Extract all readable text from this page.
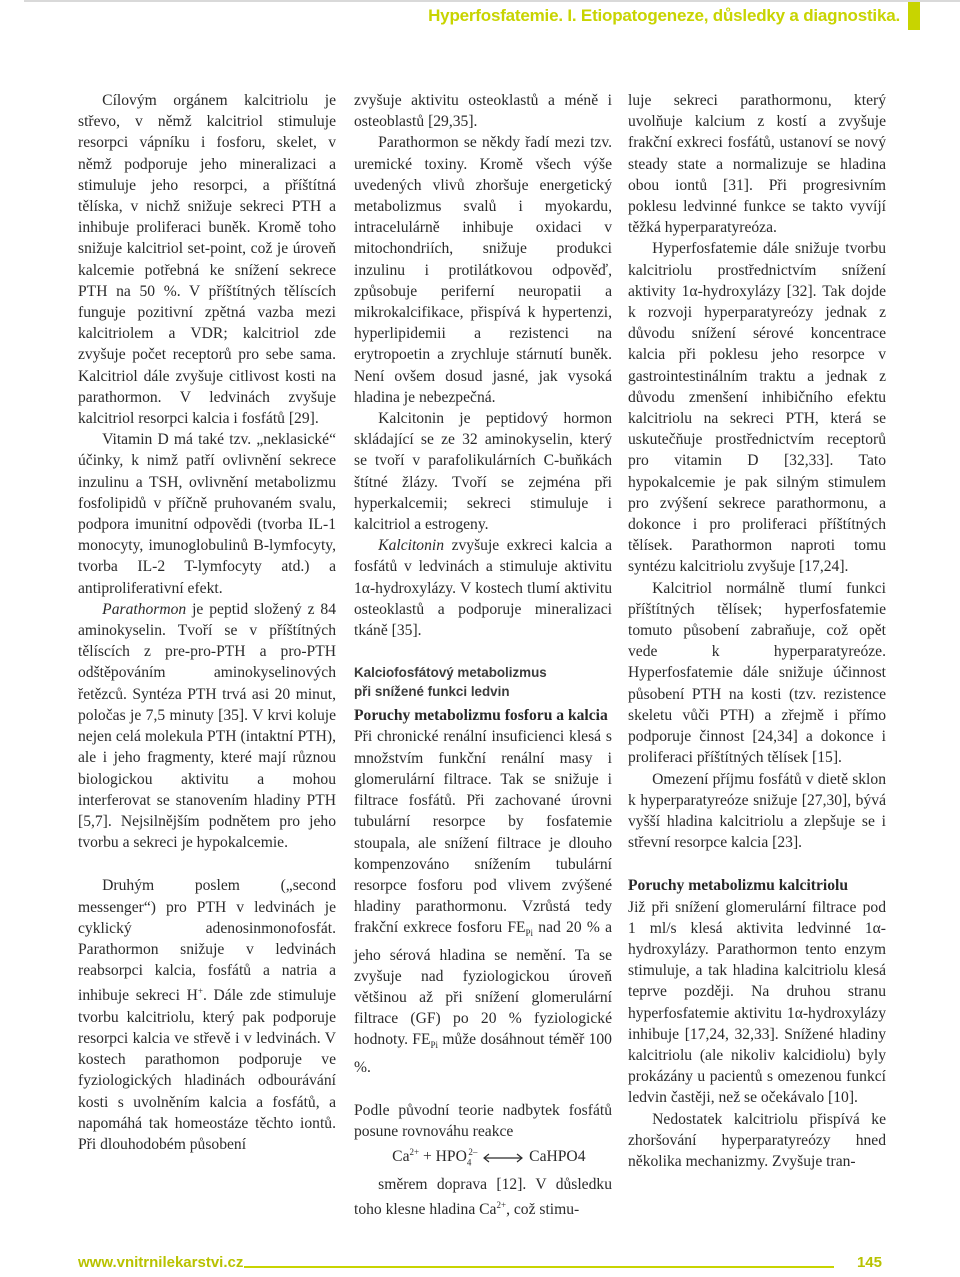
Hyperfosfatemie. I. Etiopatogeneze, důsledky a diagnostika.

Cílovým orgánem kalcitriolu je střevo, v němž kalcitriol stimuluje resorpci vápníku i fosforu, skelet, v němž podporuje jeho mineralizaci a stimuluje jeho resorpci, a příštítná tělíska, v nichž snižuje sekreci PTH a inhibuje proliferaci buněk. Kromě toho snižuje kalcitriol set-point, což je úroveň kalcemie potřebná ke snížení sekrece PTH na 50 %. V příštítných tělíscích funguje pozitivní zpětná vazba mezi kalcitriolem a VDR; kalcitriol zde zvyšuje počet receptorů pro sebe sama. Kalcitriol dále zvyšuje citlivost kosti na parathormon. V ledvinách zvyšuje kalcitriol resorpci kalcia i fosfátů [29].

Vitamin D má také tzv. „neklasické“ účinky, k nimž patří ovlivnění sekrece inzulinu a TSH, ovlivnění metabolizmu fosfolipidů v příčně pruhovaném svalu, podpora imunitní odpovědi (tvorba IL-1 monocyty, imunoglobulinů B-lymfocyty, tvorba IL-2 T-lymfocyty atd.) a antiproliferativní efekt.

Parathormon je peptid složený z 84 aminokyselin. Tvoří se v příštítných tělíscích z pre-pro-PTH a pro-PTH odštěpováním aminokyselinových řetězců. Syntéza PTH trvá asi 20 minut, poločas je 7,5 minuty [35]. V krvi koluje nejen celá molekula PTH (intaktní PTH), ale i jeho fragmenty, které mají různou biologickou aktivitu a mohou interferovat se stanovením hladiny PTH [5,7]. Nejsilnějším podnětem pro jeho tvorbu a sekreci je hypokalcemie.

Druhým poslem („second messenger“) pro PTH v ledvinách je cyklický adenosinmonofosfát. Parathormon snižuje v ledvinách reabsorpci kalcia, fosfátů a natria a inhibuje sekreci H+. Dále zde stimuluje tvorbu kalcitriolu, který pak podporuje resorpci kalcia ve střevě i v ledvinách. V kostech parathomon podporuje ve fyziologických hladinách odbourávání kosti s uvolněním kalcia a fosfátů, a napomáhá tak homeostáze těchto iontů. Při dlouhodobém působení

zvyšuje aktivitu osteoklastů a méně i osteoblastů [29,35].

Parathormon se někdy řadí mezi tzv. uremické toxiny. Kromě všech výše uvedených vlivů zhoršuje energetický metabolizmus svalů i myokardu, intracelulárně inhibuje oxidaci v mitochondriích, snižuje produkci inzulinu i protilátkovou odpověď, způsobuje periferní neuropatii a mikrokalcifikace, přispívá k hypertenzi, hyperlipidemii a rezistenci na erytropoetin a zrychluje stárnutí buněk. Není ovšem dosud jasné, jak vysoká hladina je nebezpečná.

Kalcitonin je peptidový hormon skládající se ze 32 aminokyselin, který se tvoří v parafolikulárních C-buňkách štítné žlázy. Tvoří se zejména při hyperkalcemii; sekreci stimuluje i kalcitriol a estrogeny.

Kalcitonin zvyšuje exkreci kalcia a fosfátů v ledvinách a stimuluje aktivitu 1α-hydroxylázy. V kostech tlumí aktivitu osteoklastů a podporuje mineralizaci tkáně [35].

Kalciofosfátový metabolizmus
při snížené funkci ledvin
Poruchy metabolizmu fosforu a kalcia

Při chronické renální insuficienci klesá s množstvím funkční renální masy i glomerulární filtrace. Tak se snižuje i filtrace fosfátů. Při zachované úrovni tubulární resorpce by fosfatemie stoupala, ale snížení filtrace je dlouho kompenzováno snížením tubulární resorpce fosforu pod vlivem zvýšené hladiny parathormonu. Vzrůstá tedy frakční exkrece fosforu $FE_{Pi}$ nad 20 % a jeho sérová hladina se nemění. Ta se zvyšuje nad fyziologickou úroveň většinou až při snížení glomerulární filtrace (GF) po 20 % fyziologické hodnoty. $FE_{Pi}$ může dosáhnout téměř 100 %.

Podle původní teorie nadbytek fosfátů posune rovnováhu reakce

$Ca^{2+} + HPO_4^{2-}$	CaHPO4

směrem doprava [12]. V důsledku toho klesne hladina $Ca^{2+}$, což stimu-

luje sekreci parathormonu, který uvolňuje kalcium z kostí a zvyšuje frakční exkreci fosfátů, ustanoví se nový steady state a normalizuje se hladina obou iontů [31]. Při progresivním poklesu ledvinné funkce se takto vyvíjí těžká hyperparatyreóza.

Hyperfosfatemie dále snižuje tvorbu kalcitriolu prostřednictvím snížení aktivity 1α-hydroxylázy [32]. Tak dojde k rozvoji hyperparatyreózy jednak z důvodu snížení sérové koncentrace kalcia při poklesu jeho resorpce v gastrointestinálním traktu a jednak z důvodu zmenšení inhibičního efektu kalcitriolu na sekreci PTH, která se uskutečňuje prostřednictvím receptorů pro vitamin D [32,33]. Tato hypokalcemie je pak silným stimulem pro zvýšení sekrece parathormonu, a dokonce i pro proliferaci příštítných tělísek. Parathormon naproti tomu syntézu kalcitriolu zvyšuje [17,24].

Kalcitriol normálně tlumí funkci příštítných tělísek; hyperfosfatemie tomuto působení zabraňuje, což opět vede k hyperparatyreóze. Hyperfosfatemie dále snižuje účinnost působení PTH na kosti (tzv. rezistence skeletu vůči PTH) a zřejmě i přímo podporuje činnost [24,34] a dokonce i proliferaci příštítných tělísek [15].

Omezení příjmu fosfátů v dietě sklon k hyperparatyreóze snižuje [27,30], bývá vyšší hladina kalcitriolu a zlepšuje se i střevní resorpce kalcia [23].

Poruchy metabolizmu kalcitriolu

Již při snížení glomerulární filtrace pod 1 ml/s klesá aktivita ledvinné 1α-hydroxylázy. Parathormon tento enzym stimuluje, a tak hladina kalcitriolu klesá teprve později. Na druhou stranu hyperfosfatemie aktivitu 1α-hydroxylázy inhibuje [17,24, 32,33]. Snížené hladiny kalcitriolu (ale nikoliv kalcidiolu) byly prokázány u pacientů s omezenou funkcí ledvin častěji, než se očekávalo [10].

Nedostatek kalcitriolu přispívá ke zhoršování hyperparatyreózy hned několika mechanizmy. Zvyšuje tran-

www.vnitrnilekarstvi.cz	145
